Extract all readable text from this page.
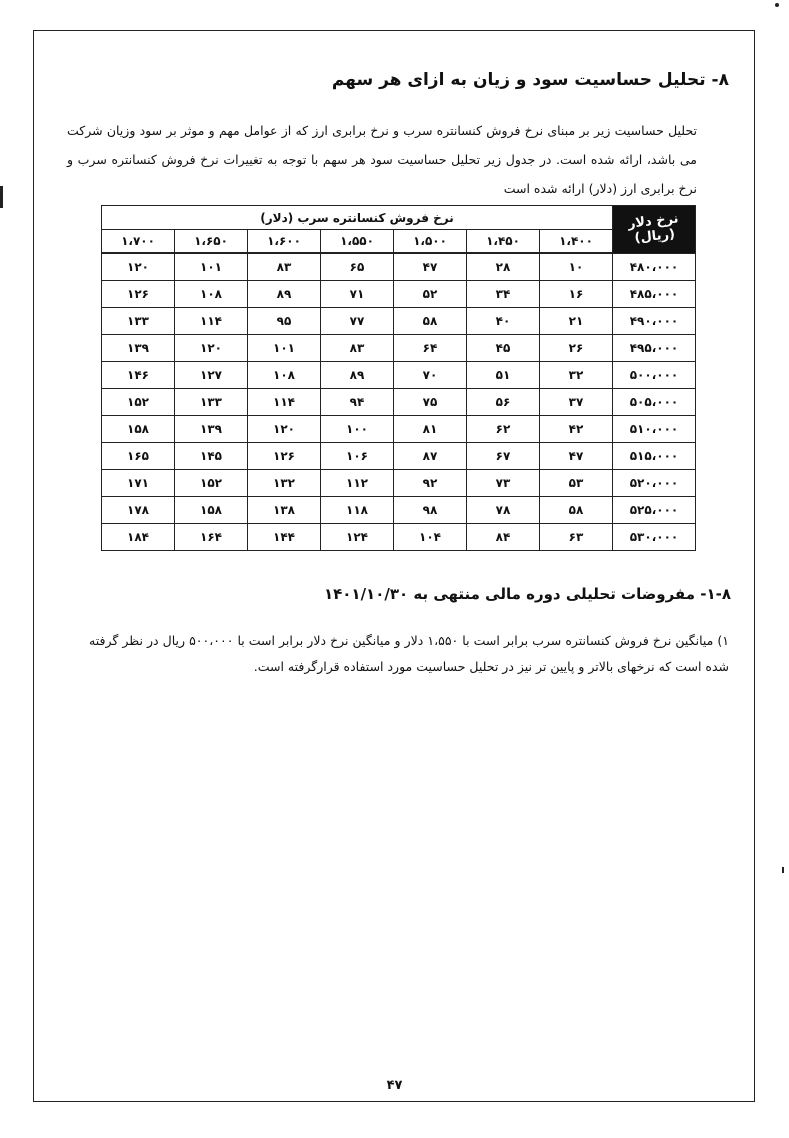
۸- تحلیل حساسیت سود و زیان به ازای هر سهم
تحلیل حساسیت زیر بر مبنای نرخ فروش کنسانتره سرب و نرخ برابری ارز که از عوامل مهم و موثر بر سود وزیان شرکت می باشد، ارائه شده است. در جدول زیر تحلیل حساسیت سود هر سهم با توجه به تغییرات نرخ فروش کنسانتره سرب و نرخ برابری ارز (دلار) ارائه شده است
نرخ دلار (ریال)	نرخ فروش کنسانتره سرب (دلار)						
	۱،۴۰۰	۱،۴۵۰	۱،۵۰۰	۱،۵۵۰	۱،۶۰۰	۱،۶۵۰	۱،۷۰۰
۴۸۰،۰۰۰	۱۰	۲۸	۴۷	۶۵	۸۳	۱۰۱	۱۲۰
۴۸۵،۰۰۰	۱۶	۳۴	۵۲	۷۱	۸۹	۱۰۸	۱۲۶
۴۹۰،۰۰۰	۲۱	۴۰	۵۸	۷۷	۹۵	۱۱۴	۱۳۳
۴۹۵،۰۰۰	۲۶	۴۵	۶۴	۸۳	۱۰۱	۱۲۰	۱۳۹
۵۰۰،۰۰۰	۳۲	۵۱	۷۰	۸۹	۱۰۸	۱۲۷	۱۴۶
۵۰۵،۰۰۰	۳۷	۵۶	۷۵	۹۴	۱۱۴	۱۳۳	۱۵۲
۵۱۰،۰۰۰	۴۲	۶۲	۸۱	۱۰۰	۱۲۰	۱۳۹	۱۵۸
۵۱۵،۰۰۰	۴۷	۶۷	۸۷	۱۰۶	۱۲۶	۱۴۵	۱۶۵
۵۲۰،۰۰۰	۵۳	۷۳	۹۲	۱۱۲	۱۳۲	۱۵۲	۱۷۱
۵۲۵،۰۰۰	۵۸	۷۸	۹۸	۱۱۸	۱۳۸	۱۵۸	۱۷۸
۵۳۰،۰۰۰	۶۳	۸۴	۱۰۴	۱۲۴	۱۴۴	۱۶۴	۱۸۴
۱-۸- مفروضات تحلیلی دوره مالی منتهی به ۱۴۰۱/۱۰/۳۰
۱) میانگین نرخ فروش کنسانتره سرب برابر است با ۱،۵۵۰ دلار و میانگین نرخ دلار برابر است با ۵۰۰،۰۰۰ ریال در نظر گرفته شده است که نرخهای بالاتر و پایین تر نیز در تحلیل حساسیت مورد استفاده قرارگرفته است.
۴۷
